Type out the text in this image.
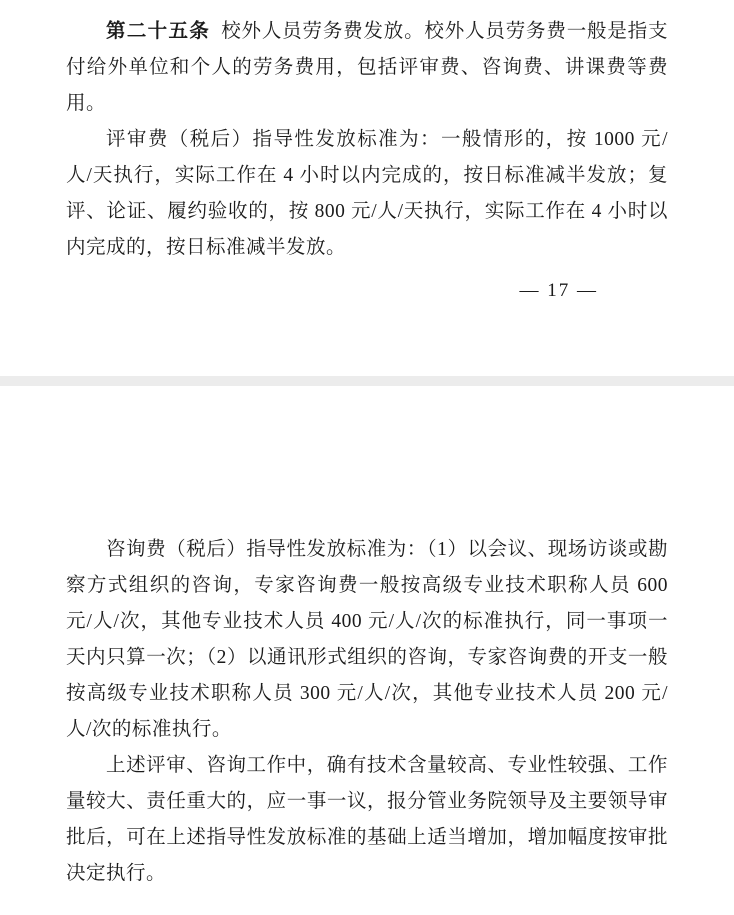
第二十五条 校外人员劳务费发放。校外人员劳务费一般是指支付给外单位和个人的劳务费用，包括评审费、咨询费、讲课费等费用。

评审费（税后）指导性发放标准为：一般情形的，按 1000 元/人/天执行，实际工作在 4 小时以内完成的，按日标准减半发放；复评、论证、履约验收的，按 800 元/人/天执行，实际工作在 4 小时以内完成的，按日标准减半发放。

— 17 —

咨询费（税后）指导性发放标准为：（1）以会议、现场访谈或勘察方式组织的咨询，专家咨询费一般按高级专业技术职称人员 600 元/人/次，其他专业技术人员 400 元/人/次的标准执行，同一事项一天内只算一次；（2）以通讯形式组织的咨询，专家咨询费的开支一般按高级专业技术职称人员 300 元/人/次，其他专业技术人员 200 元/人/次的标准执行。

上述评审、咨询工作中，确有技术含量较高、专业性较强、工作量较大、责任重大的，应一事一议，报分管业务院领导及主要领导审批后，可在上述指导性发放标准的基础上适当增加，增加幅度按审批决定执行。
